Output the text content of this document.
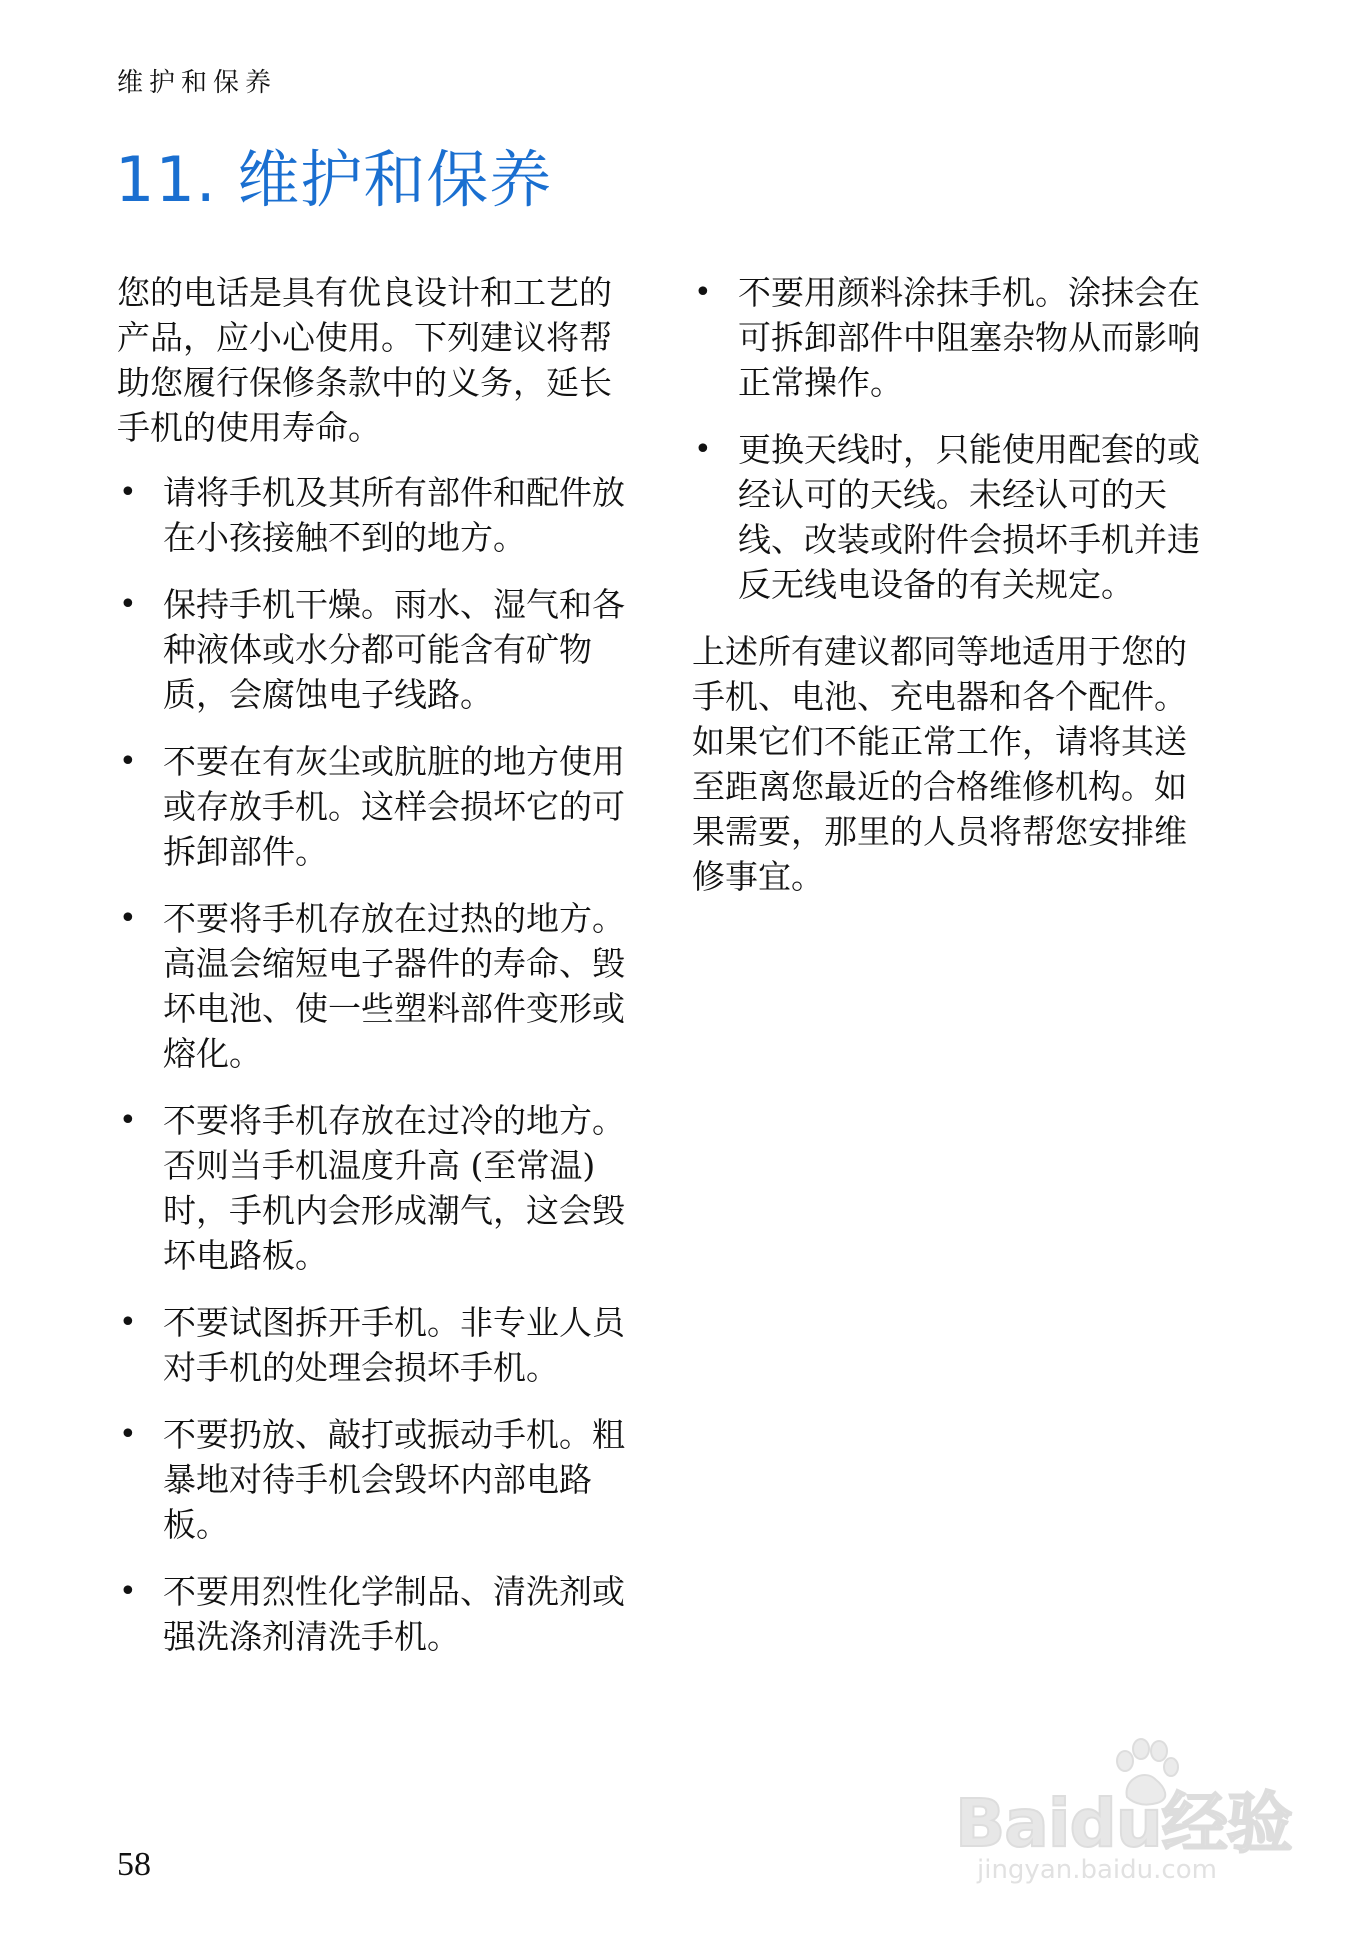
维护和保养
11. 维护和保养

您的电话是具有优良设计和工艺的产品，应小心使用。下列建议将帮助您履行保修条款中的义务，延长手机的使用寿命。

• 请将手机及其所有部件和配件放在小孩接触不到的地方。
• 保持手机干燥。雨水、湿气和各种液体或水分都可能含有矿物质，会腐蚀电子线路。
• 不要在有灰尘或肮脏的地方使用或存放手机。这样会损坏它的可拆卸部件。
• 不要将手机存放在过热的地方。高温会缩短电子器件的寿命、毁坏电池、使一些塑料部件变形或熔化。
• 不要将手机存放在过冷的地方。否则当手机温度升高 (至常温) 时，手机内会形成潮气，这会毁坏电路板。
• 不要试图拆开手机。非专业人员对手机的处理会损坏手机。
• 不要扔放、敲打或振动手机。粗暴地对待手机会毁坏内部电路板。
• 不要用烈性化学制品、清洗剂或强洗涤剂清洗手机。
• 不要用颜料涂抹手机。涂抹会在可拆卸部件中阻塞杂物从而影响正常操作。
• 更换天线时，只能使用配套的或经认可的天线。未经认可的天线、改装或附件会损坏手机并违反无线电设备的有关规定。

上述所有建议都同等地适用于您的手机、电池、充电器和各个配件。如果它们不能正常工作，请将其送至距离您最近的合格维修机构。如果需要，那里的人员将帮您安排维修事宜。

58
Baidu经验
jingyan.baidu.com
